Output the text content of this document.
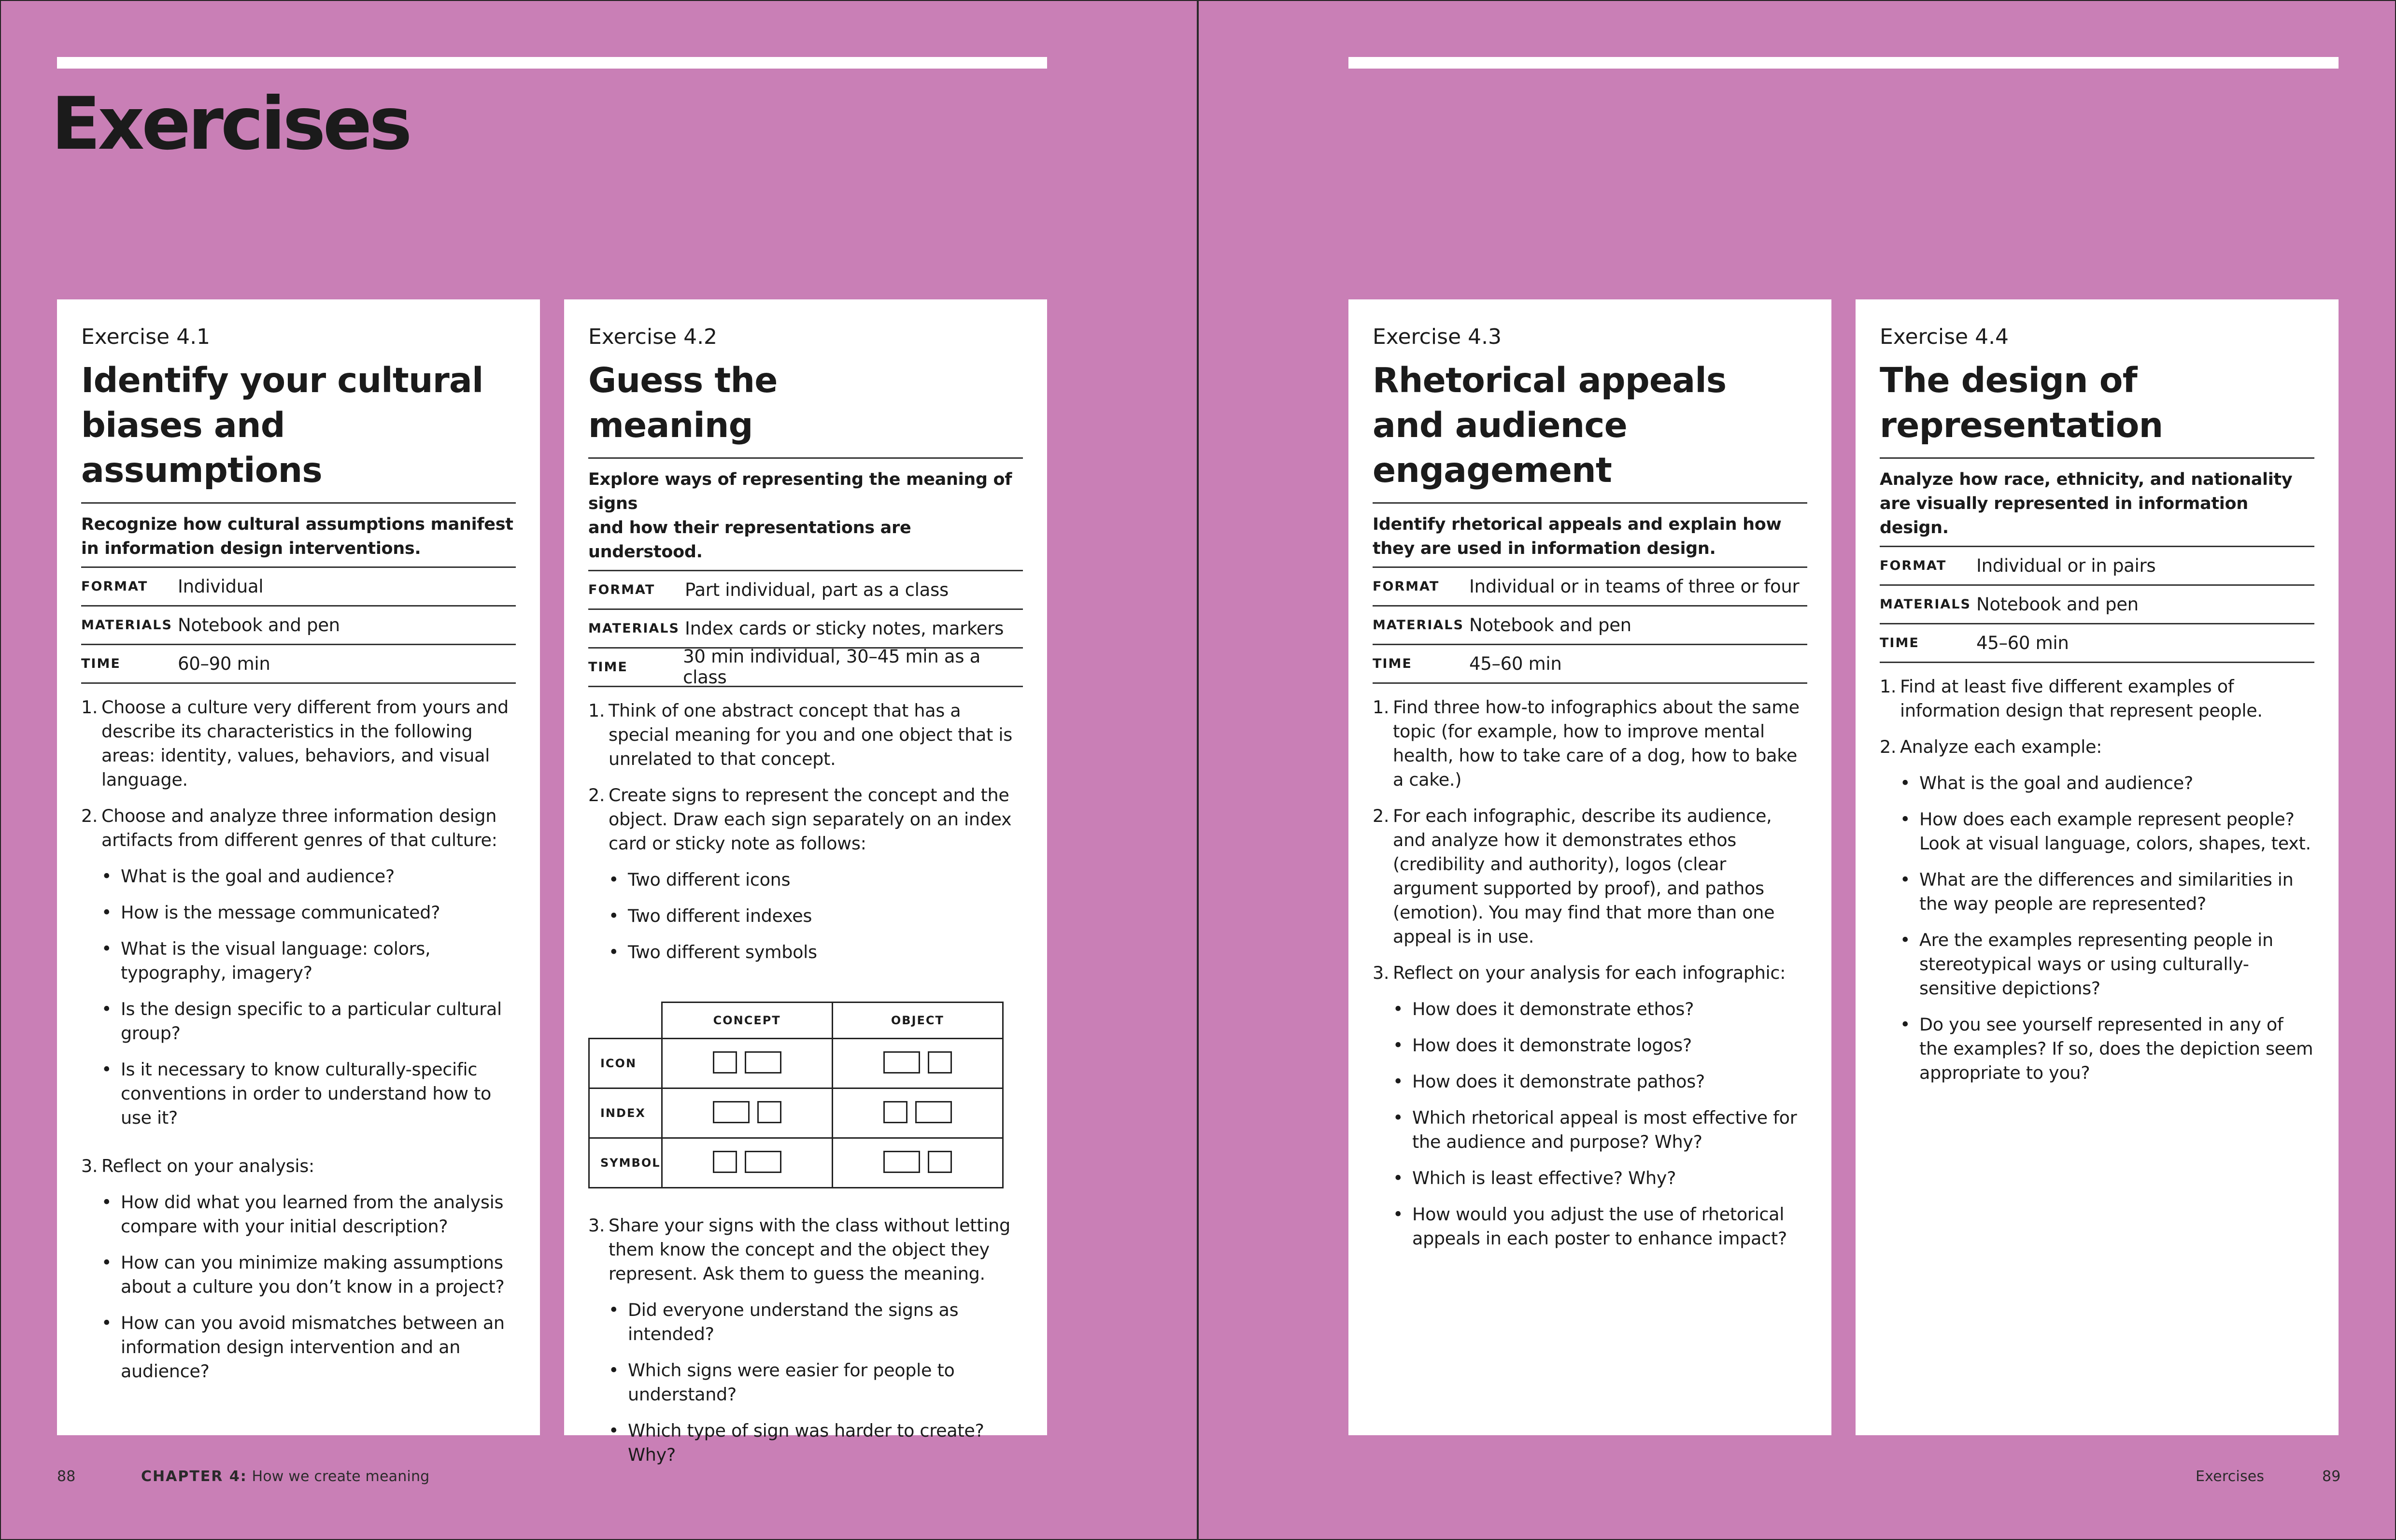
Exercises
Exercise 4.1
Identify your cultural
biases and assumptions
Recognize how cultural assumptions manifest
in information design interventions.
FORMAT	Individual
MATERIALS Notebook and pen
TIME	60–90 min
1. Choose a culture very different from yours and describe its characteristics in the following areas: identity, values, behaviors, and visual language.
2. Choose and analyze three information design artifacts from different genres of that culture:
• What is the goal and audience?
• How is the message communicated?
• What is the visual language: colors, typography, imagery?
• Is the design specific to a particular cultural group?
• Is it necessary to know culturally-specific conventions in order to understand how to use it?
3. Reflect on your analysis:
• How did what you learned from the analysis compare with your initial description?
• How can you minimize making assumptions about a culture you don’t know in a project?
• How can you avoid mismatches between an information design intervention and an audience?
Exercise 4.2
Guess the
meaning
Explore ways of representing the meaning of signs
and how their representations are understood.
FORMAT	Part individual, part as a class
MATERIALS Index cards or sticky notes, markers
TIME	30 min individual, 30–45 min as a class
1. Think of one abstract concept that has a special meaning for you and one object that is unrelated to that concept.
2. Create signs to represent the concept and the object. Draw each sign separately on an index card or sticky note as follows:
• Two different icons
• Two different indexes
• Two different symbols
	CONCEPT	OBJECT
ICON	

INDEX	

SYMBOL	

3. Share your signs with the class without letting them know the concept and the object they represent. Ask them to guess the meaning.
• Did everyone understand the signs as intended?
• Which signs were easier for people to understand?
• Which type of sign was harder to create? Why?
Exercise 4.3
Rhetorical appeals
and audience engagement
Identify rhetorical appeals and explain how
they are used in information design.
FORMAT	Individual or in teams of three or four
MATERIALS Notebook and pen
TIME	45–60 min
1. Find three how-to infographics about the same topic (for example, how to improve mental health, how to take care of a dog, how to bake a cake.)
2. For each infographic, describe its audience, and analyze how it demonstrates ethos (credibility and authority), logos (clear argument supported by proof), and pathos (emotion). You may find that more than one appeal is in use.
3. Reflect on your analysis for each infographic:
• How does it demonstrate ethos?
• How does it demonstrate logos?
• How does it demonstrate pathos?
• Which rhetorical appeal is most effective for the audience and purpose? Why?
• Which is least effective? Why?
• How would you adjust the use of rhetorical appeals in each poster to enhance impact?
Exercise 4.4
The design of
representation
Analyze how race, ethnicity, and nationality
are visually represented in information design.
FORMAT	Individual or in pairs
MATERIALS Notebook and pen
TIME	45–60 min
1. Find at least five different examples of information design that represent people.
2. Analyze each example:
• What is the goal and audience?
• How does each example represent people? Look at visual language, colors, shapes, text.
• What are the differences and similarities in the way people are represented?
• Are the examples representing people in stereotypical ways or using culturally-sensitive depictions?
• Do you see yourself represented in any of the examples? If so, does the depiction seem appropriate to you?
88	CHAPTER 4: How we create meaning	Exercises	89
